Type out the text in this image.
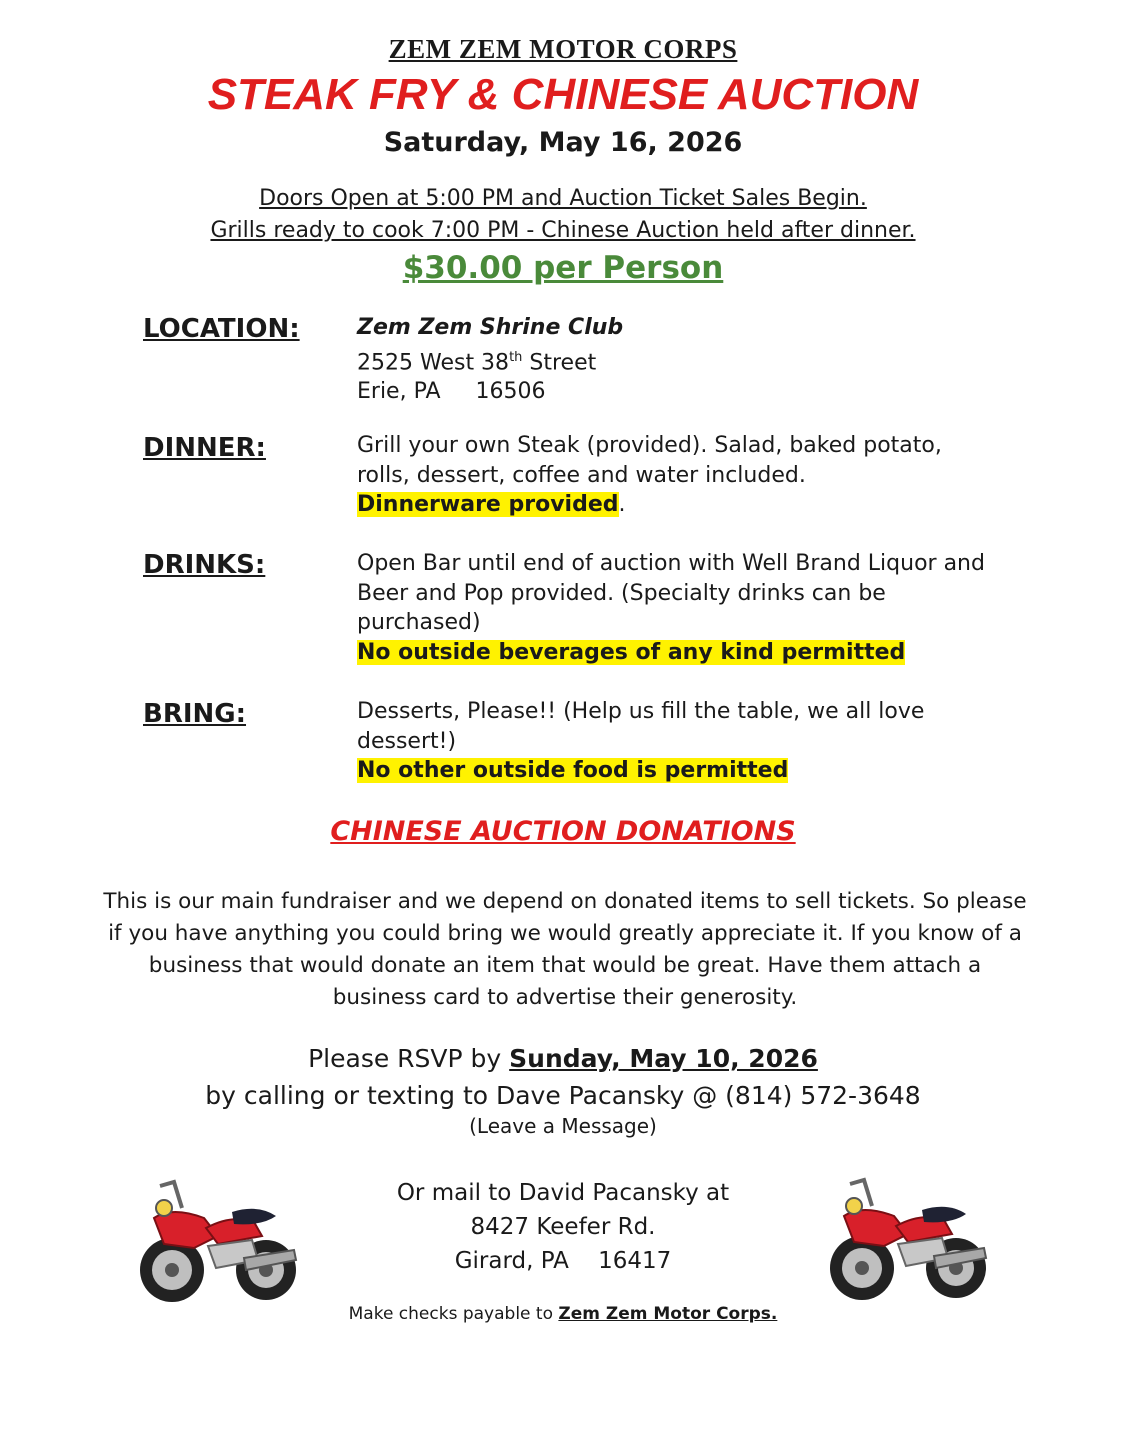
ZEM ZEM MOTOR CORPS
STEAK FRY & CHINESE AUCTION
Saturday, May 16, 2026
Doors Open at 5:00 PM and Auction Ticket Sales Begin.
Grills ready to cook 7:00 PM - Chinese Auction held after dinner.
$30.00 per Person
LOCATION:	Zem Zem Shrine Club
2525 West 38th Street
Erie, PA     16506
DINNER:	Grill your own Steak (provided). Salad, baked potato, rolls, dessert, coffee and water included.
Dinnerware provided.
DRINKS:	Open Bar until end of auction with Well Brand Liquor and Beer and Pop provided. (Specialty drinks can be purchased)
No outside beverages of any kind permitted
BRING:	Desserts, Please!! (Help us fill the table, we all love dessert!)
No other outside food is permitted
CHINESE AUCTION DONATIONS
This is our main fundraiser and we depend on donated items to sell tickets. So please if you have anything you could bring we would greatly appreciate it. If you know of a business that would donate an item that would be great. Have them attach a business card to advertise their generosity.
Please RSVP by Sunday, May 10, 2026
by calling or texting to Dave Pacansky @ (814) 572-3648
(Leave a Message)
Or mail to David Pacansky at
8427 Keefer Rd.
Girard, PA    16417
Make checks payable to Zem Zem Motor Corps.
